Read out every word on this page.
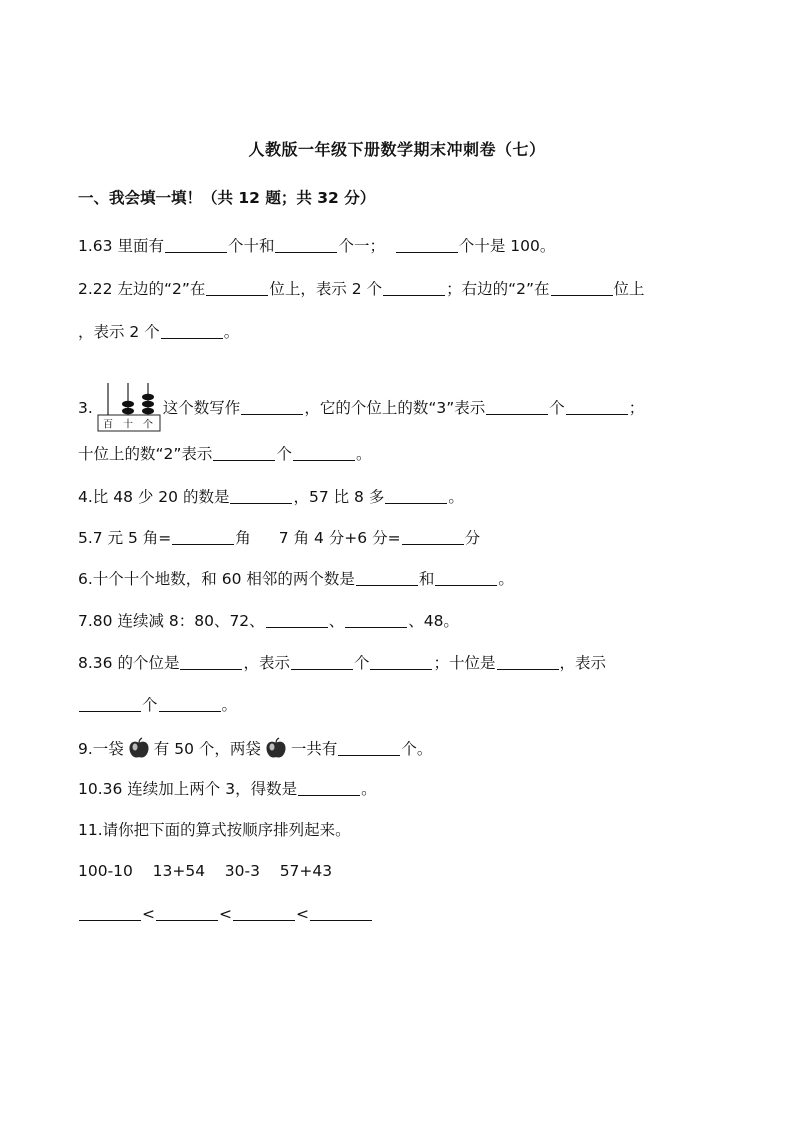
人教版一年级下册数学期末冲刺卷（七）
一、我会填一填！（共 12 题；共 32 分）
1.63 里面有	个十和	个一；	个十是 100。
2.22 左边的“2”在	位上，表示 2 个	；右边的“2”在	位上
，表示 2 个	。
3.
百 十 个
这个数写作	，它的个位上的数“3”表示	个	；
十位上的数“2”表示	个	。
4.比 48 少 20 的数是	，57 比 8 多	。
5.7 元 5 角=	角 7 角 4 分+6 分=	分
6.十个十个地数，和 60 相邻的两个数是	和	。
7.80 连续减 8：80、72、	、	、48。
8.36 的个位是	，表示	个	；十位是	，表示
个	。
9.一袋 有 50 个，两袋 一共有	个。
10.36 连续加上两个 3，得数是	。
11.请你把下面的算式按顺序排列起来。
100-10 13+54 30-3 57+43
<	<	<
